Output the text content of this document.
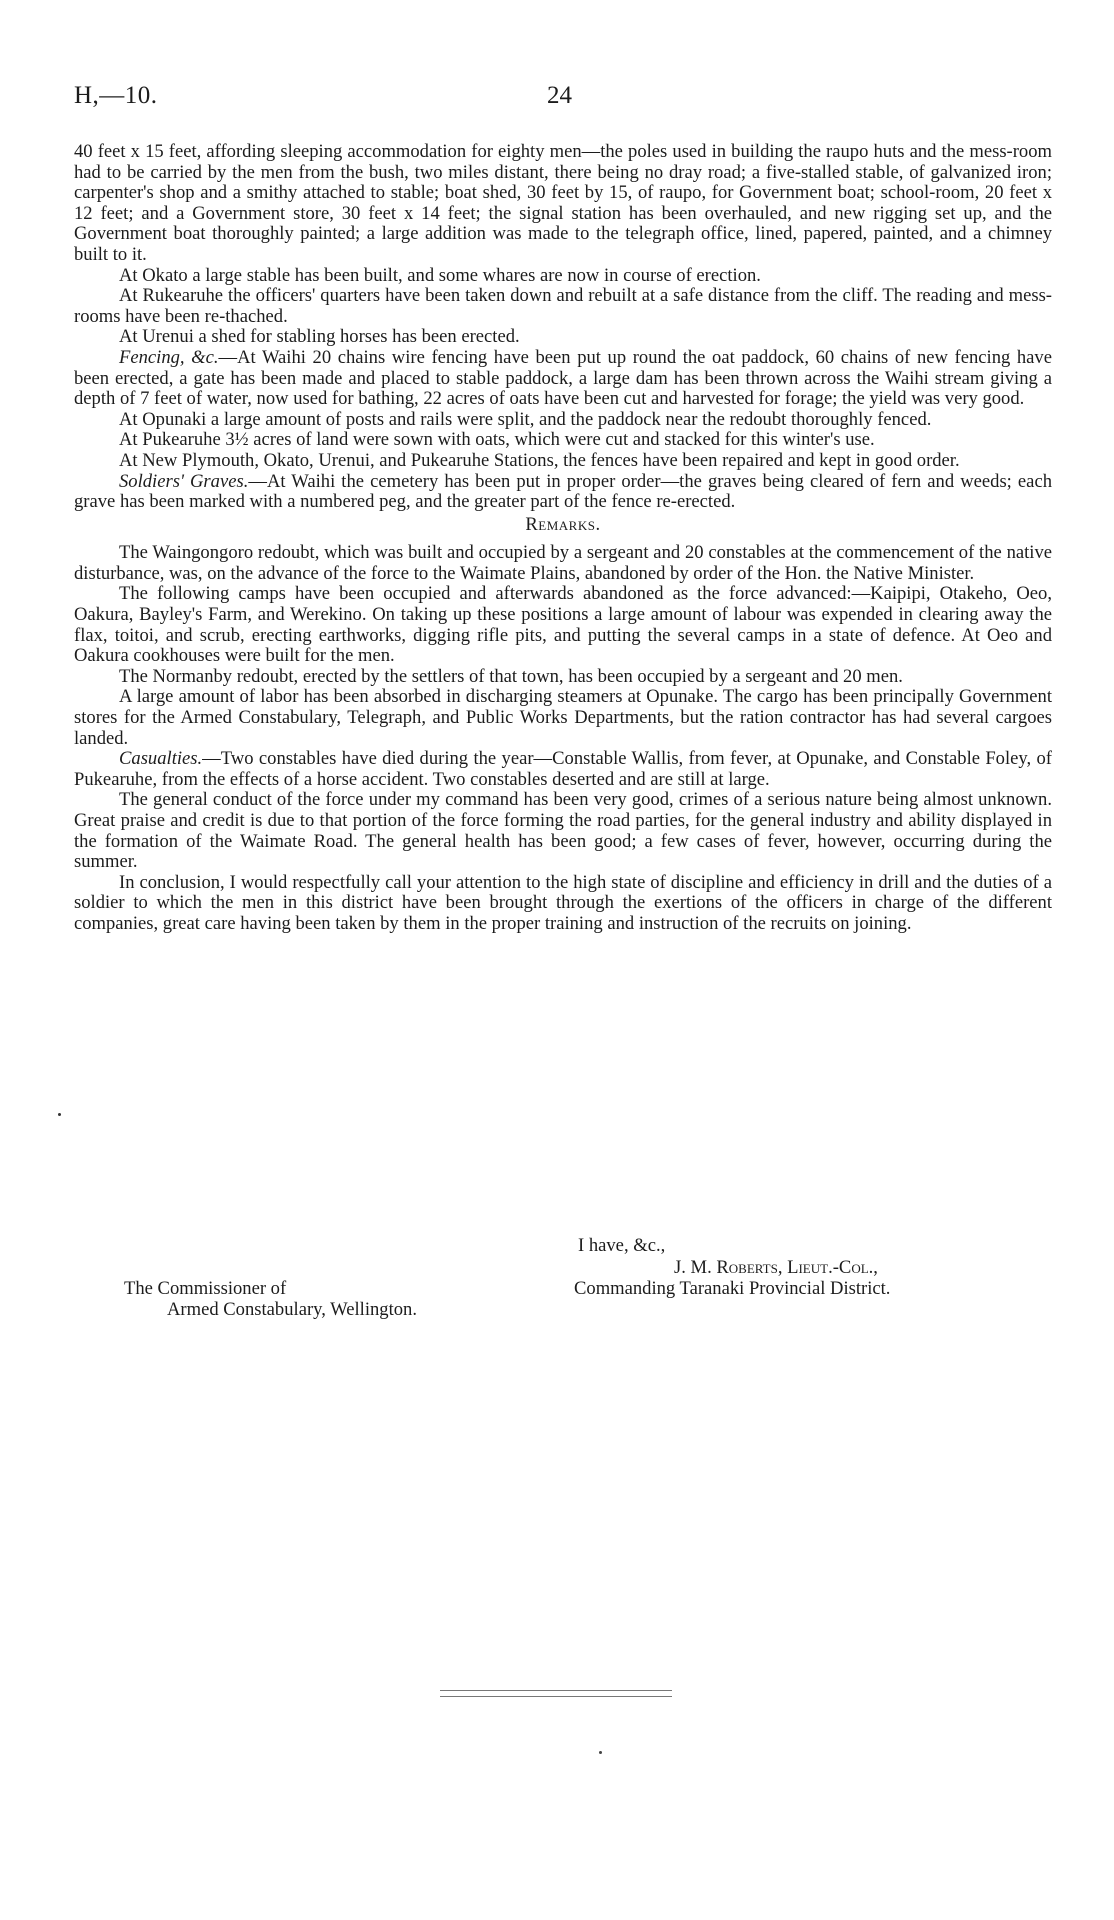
H,—10.	24

40 feet x 15 feet, affording sleeping accommodation for eighty men—the poles used in building the raupo huts and the mess-room had to be carried by the men from the bush, two miles distant, there being no dray road; a five-stalled stable, of galvanized iron; carpenter's shop and a smithy attached to stable; boat shed, 30 feet by 15, of raupo, for Government boat; school-room, 20 feet x 12 feet; and a Government store, 30 feet x 14 feet; the signal station has been overhauled, and new rigging set up, and the Government boat thoroughly painted; a large addition was made to the telegraph office, lined, papered, painted, and a chimney built to it.

At Okato a large stable has been built, and some whares are now in course of erection.

At Rukearuhe the officers' quarters have been taken down and rebuilt at a safe distance from the cliff. The reading and mess-rooms have been re-thached.

At Urenui a shed for stabling horses has been erected.

Fencing, &c.—At Waihi 20 chains wire fencing have been put up round the oat paddock, 60 chains of new fencing have been erected, a gate has been made and placed to stable paddock, a large dam has been thrown across the Waihi stream giving a depth of 7 feet of water, now used for bathing, 22 acres of oats have been cut and harvested for forage; the yield was very good.

At Opunaki a large amount of posts and rails were split, and the paddock near the redoubt thoroughly fenced.

At Pukearuhe 3½ acres of land were sown with oats, which were cut and stacked for this winter's use.

At New Plymouth, Okato, Urenui, and Pukearuhe Stations, the fences have been repaired and kept in good order.

Soldiers' Graves.—At Waihi the cemetery has been put in proper order—the graves being cleared of fern and weeds; each grave has been marked with a numbered peg, and the greater part of the fence re-erected.

Remarks.

The Waingongoro redoubt, which was built and occupied by a sergeant and 20 constables at the commencement of the native disturbance, was, on the advance of the force to the Waimate Plains, abandoned by order of the Hon. the Native Minister.

The following camps have been occupied and afterwards abandoned as the force advanced:—Kaipipi, Otakeho, Oeo, Oakura, Bayley's Farm, and Werekino. On taking up these positions a large amount of labour was expended in clearing away the flax, toitoi, and scrub, erecting earthworks, digging rifle pits, and putting the several camps in a state of defence. At Oeo and Oakura cookhouses were built for the men.

The Normanby redoubt, erected by the settlers of that town, has been occupied by a sergeant and 20 men.

A large amount of labor has been absorbed in discharging steamers at Opunake. The cargo has been principally Government stores for the Armed Constabulary, Telegraph, and Public Works Departments, but the ration contractor has had several cargoes landed.

Casualties.—Two constables have died during the year—Constable Wallis, from fever, at Opunake, and Constable Foley, of Pukearuhe, from the effects of a horse accident. Two constables deserted and are still at large.

The general conduct of the force under my command has been very good, crimes of a serious nature being almost unknown. Great praise and credit is due to that portion of the force forming the road parties, for the general industry and ability displayed in the formation of the Waimate Road. The general health has been good; a few cases of fever, however, occurring during the summer.

In conclusion, I would respectfully call your attention to the high state of discipline and efficiency in drill and the duties of a soldier to which the men in this district have been brought through the exertions of the officers in charge of the different companies, great care having been taken by them in the proper training and instruction of the recruits on joining.

I have, &c.,
J. M. Roberts, Lieut.-Col.,
Commanding Taranaki Provincial District.
The Commissioner of
Armed Constabulary, Wellington.
